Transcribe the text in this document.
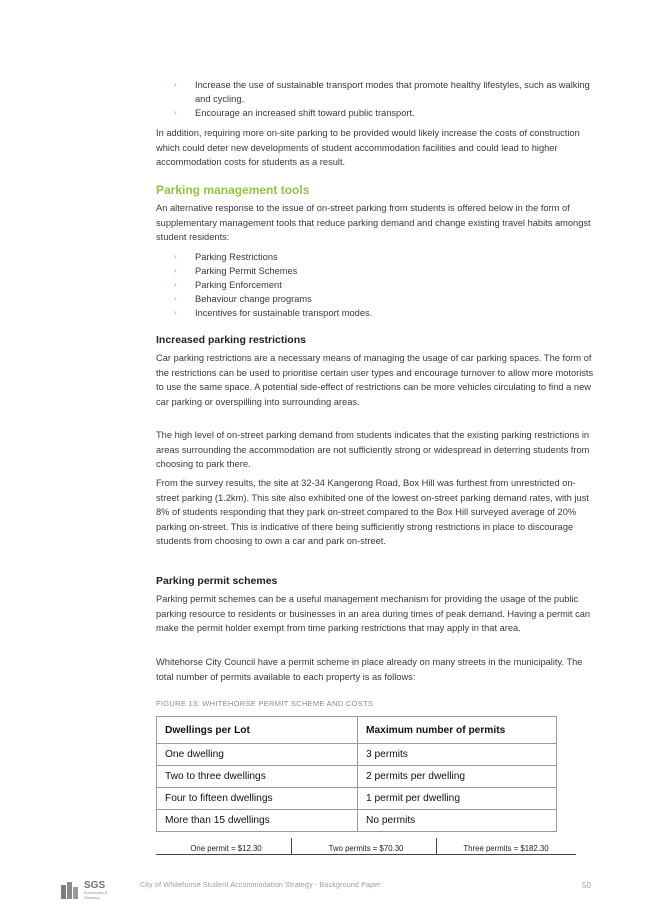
› Increase the use of sustainable transport modes that promote healthy lifestyles, such as walking and cycling.
› Encourage an increased shift toward public transport.

In addition, requiring more on-site parking to be provided would likely increase the costs of construction which could deter new developments of student accommodation facilities and could lead to higher accommodation costs for students as a result.

Parking management tools

An alternative response to the issue of on-street parking from students is offered below in the form of supplementary management tools that reduce parking demand and change existing travel habits amongst student residents:

› Parking Restrictions
› Parking Permit Schemes
› Parking Enforcement
› Behaviour change programs
› Incentives for sustainable transport modes.
Increased parking restrictions

Car parking restrictions are a necessary means of managing the usage of car parking spaces. The form of the restrictions can be used to prioritise certain user types and encourage turnover to allow more motorists to use the same space. A potential side-effect of restrictions can be more vehicles circulating to find a new car parking or overspilling into surrounding areas.

The high level of on-street parking demand from students indicates that the existing parking restrictions in areas surrounding the accommodation are not sufficiently strong or widespread in deterring students from choosing to park there.

From the survey results, the site at 32-34 Kangerong Road, Box Hill was furthest from unrestricted on-street parking (1.2km). This site also exhibited one of the lowest on-street parking demand rates, with just 8% of students responding that they park on-street compared to the Box Hill surveyed average of 20% parking on-street. This is indicative of there being sufficiently strong restrictions in place to discourage students from choosing to own a car and park on-street.

Parking permit schemes

Parking permit schemes can be a useful management mechanism for providing the usage of the public parking resource to residents or businesses in an area during times of peak demand. Having a permit can make the permit holder exempt from time parking restrictions that may apply in that area.

Whitehorse City Council have a permit scheme in place already on many streets in the municipality. The total number of permits available to each property is as follows:

FIGURE 13: WHITEHORSE PERMIT SCHEME AND COSTS

Dwellings per Lot	Maximum number of permits
One dwelling	3 permits
Two to three dwellings	2 permits per dwelling
Four to fifteen dwellings	1 permit per dwelling
More than 15 dwellings	No permits
One permit = $12.30	Two permits = $70.30	Three permits = $182.30
SGS
Economics & Planning
City of Whitehorse Student Accommodation Strategy - Background Paper	50
